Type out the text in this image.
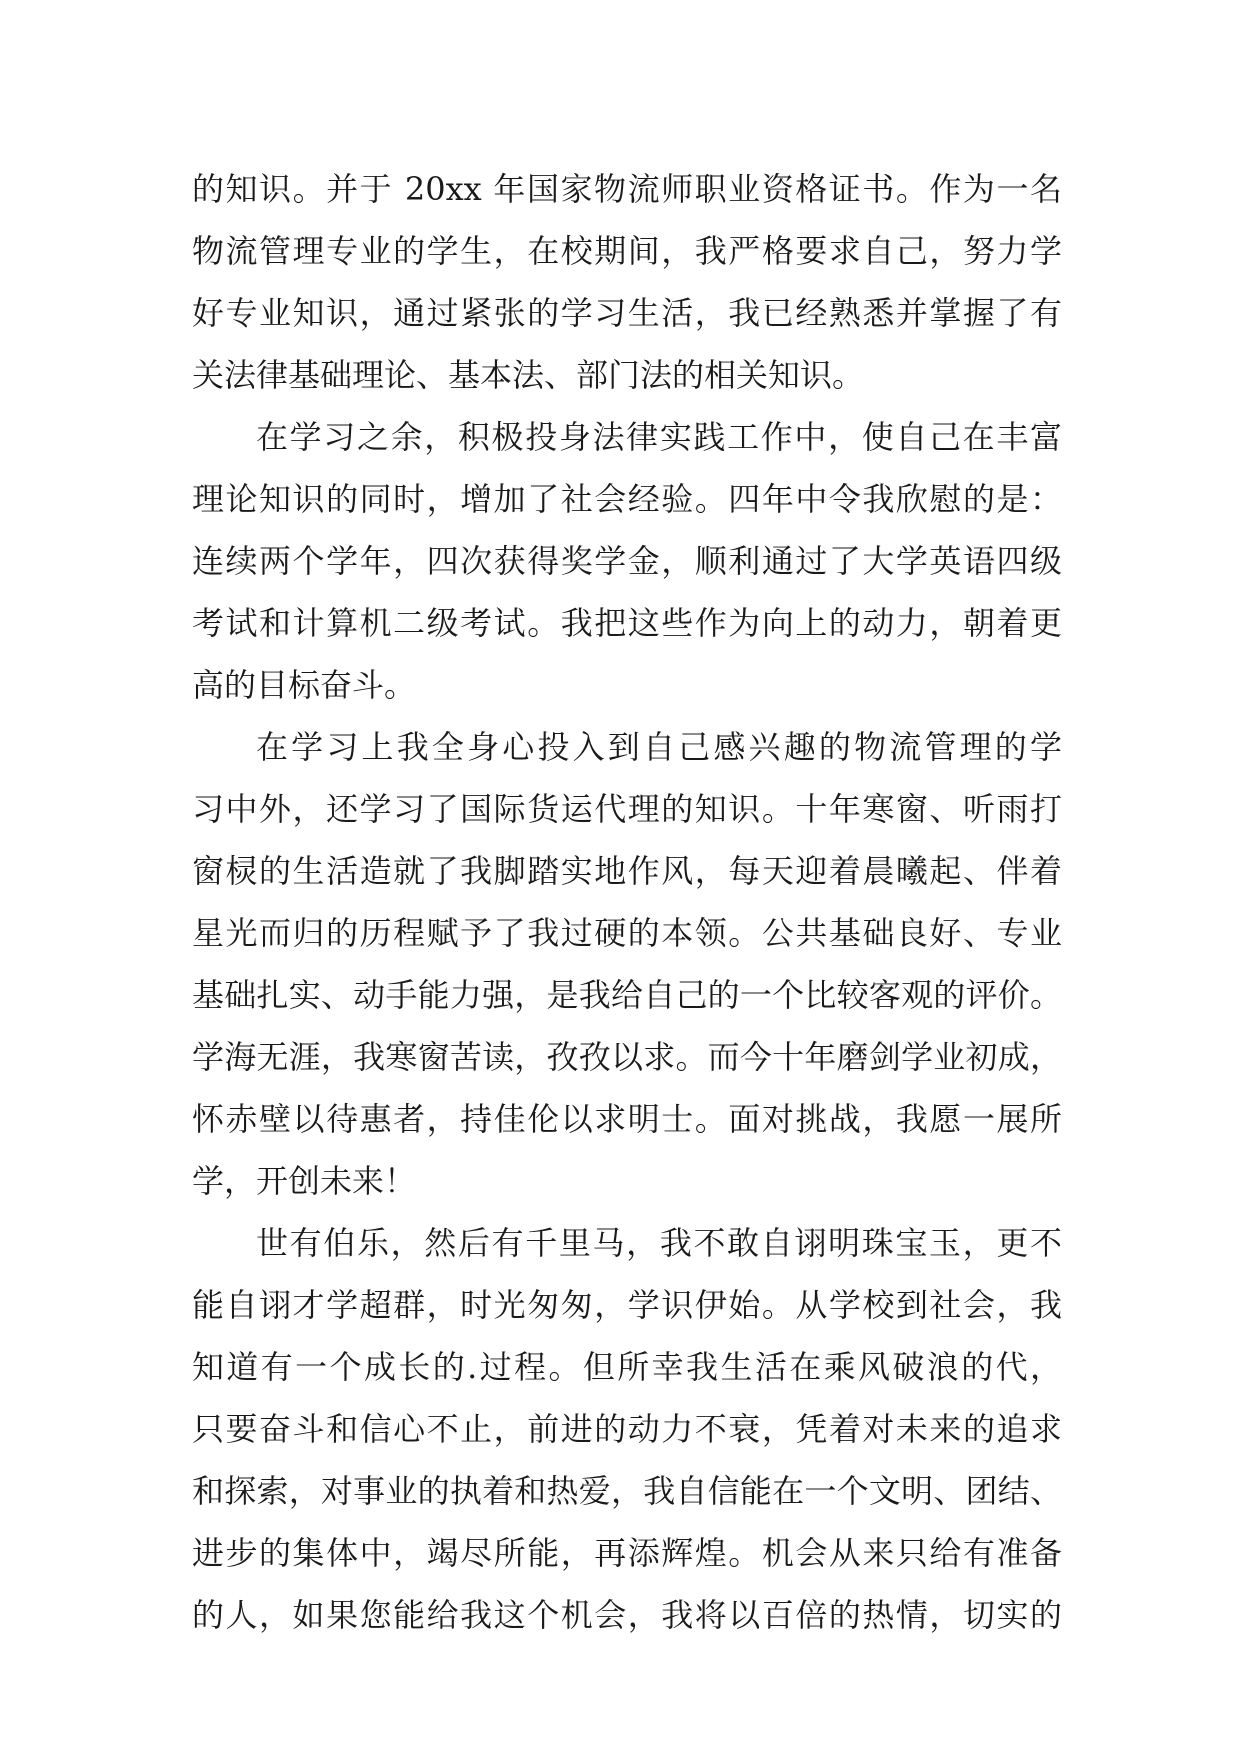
的知识。并于 20xx 年国家物流师职业资格证书。作为一名
物流管理专业的学生，在校期间，我严格要求自己，努力学
好专业知识，通过紧张的学习生活，我已经熟悉并掌握了有
关法律基础理论、基本法、部门法的相关知识。
在学习之余，积极投身法律实践工作中，使自己在丰富
理论知识的同时，增加了社会经验。四年中令我欣慰的是：
连续两个学年，四次获得奖学金，顺利通过了大学英语四级
考试和计算机二级考试。我把这些作为向上的动力，朝着更
高的目标奋斗。
在学习上我全身心投入到自己感兴趣的物流管理的学
习中外，还学习了国际货运代理的知识。十年寒窗、听雨打
窗棂的生活造就了我脚踏实地作风，每天迎着晨曦起、伴着
星光而归的历程赋予了我过硬的本领。公共基础良好、专业
基础扎实、动手能力强，是我给自己的一个比较客观的评价。
学海无涯，我寒窗苦读，孜孜以求。而今十年磨剑学业初成，
怀赤壁以待惠者，持佳伦以求明士。面对挑战，我愿一展所
学，开创未来！
世有伯乐，然后有千里马，我不敢自诩明珠宝玉，更不
能自诩才学超群，时光匆匆，学识伊始。从学校到社会，我
知道有一个成长的.过程。但所幸我生活在乘风破浪的代，
只要奋斗和信心不止，前进的动力不衰，凭着对未来的追求
和探索，对事业的执着和热爱，我自信能在一个文明、团结、
进步的集体中，竭尽所能，再添辉煌。机会从来只给有准备
的人，如果您能给我这个机会，我将以百倍的热情，切实的
